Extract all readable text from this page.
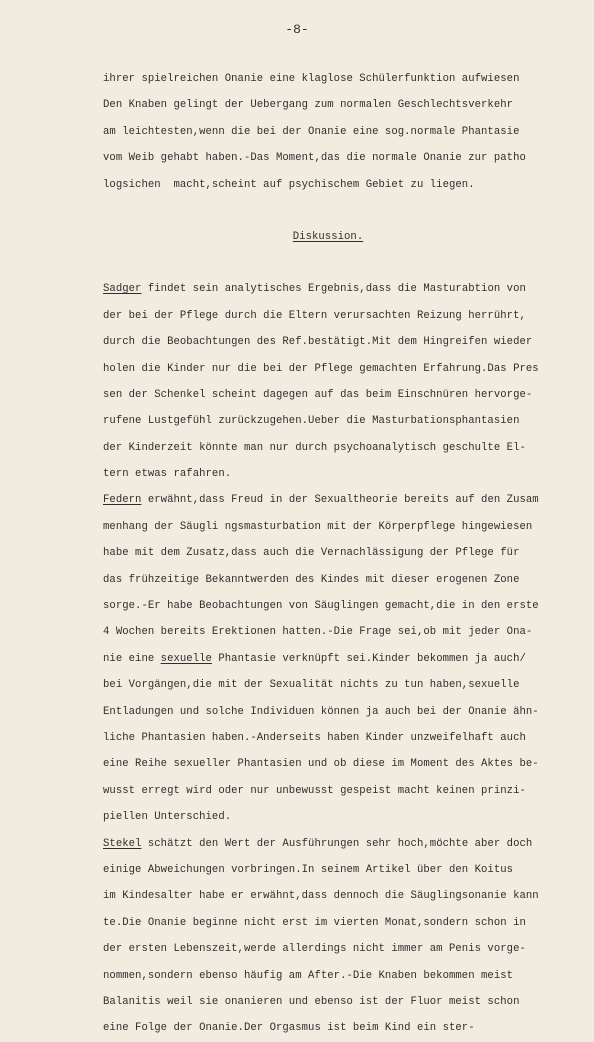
-8-
ihrer spielreichen Onanie eine klaglose Schülerfunktion aufwiesen
Den Knaben gelingt der Uebergang zum normalen Geschlechtsverkehr
am leichtesten,wenn die bei der Onanie eine sog.normale Phantasie
vom Weib gehabt haben.-Das Moment,das die normale Onanie zur patho
logsichen  macht,scheint auf psychischem Gebiet zu liegen.
Diskussion.
Sadger findet sein analytisches Ergebnis,dass die Masturabtion von
der bei der Pflege durch die Eltern verursachten Reizung herrührt,
durch die Beobachtungen des Ref.bestätigt.Mit dem Hingreifen wieder
holen die Kinder nur die bei der Pflege gemachten Erfahrung.Das Pres
sen der Schenkel scheint dagegen auf das beim Einschnüren hervorge-
rufene Lustgefühl zurückzugehen.Ueber die Masturbationsphantasien
der Kinderzeit könnte man nur durch psychoanalytisch geschulte El-
tern etwas rafahren.
Federn erwähnt,dass Freud in der Sexualtheorie bereits auf den Zusam
menhang der Säugli ngsmasturbation mit der Körperpflege hingewiesen
habe mit dem Zusatz,dass auch die Vernachlässigung der Pflege für
das frühzeitige Bekanntwerden des Kindes mit dieser erogenen Zone
sorge.-Er habe Beobachtungen von Säuglingen gemacht,die in den erste
4 Wochen bereits Erektionen hatten.-Die Frage sei,ob mit jeder Ona-
nie eine sexuelle Phantasie verknüpft sei.Kinder bekommen ja auch/
bei Vorgängen,die mit der Sexualität nichts zu tun haben,sexuelle
Entladungen und solche Individuen können ja auch bei der Onanie ähn-
liche Phantasien haben.-Anderseits haben Kinder unzweifelhaft auch
eine Reihe sexueller Phantasien und ob diese im Moment des Aktes be-
wusst erregt wird oder nur unbewusst gespeist macht keinen prinzi-
piellen Unterschied.
Stekel schätzt den Wert der Ausführungen sehr hoch,möchte aber doch
einige Abweichungen vorbringen.In seinem Artikel über den Koitus
im Kindesalter habe er erwähnt,dass dennoch die Säuglingsonanie kann
te.Die Onanie beginne nicht erst im vierten Monat,sondern schon in
der ersten Lebenszeit,werde allerdings nicht immer am Penis vorge-
nommen,sondern ebenso häufig am After.-Die Knaben bekommen meist
Balanitis weil sie onanieren und ebenso ist der Fluor meist schon
eine Folge der Onanie.Der Orgasmus ist beim Kind ein ster-
